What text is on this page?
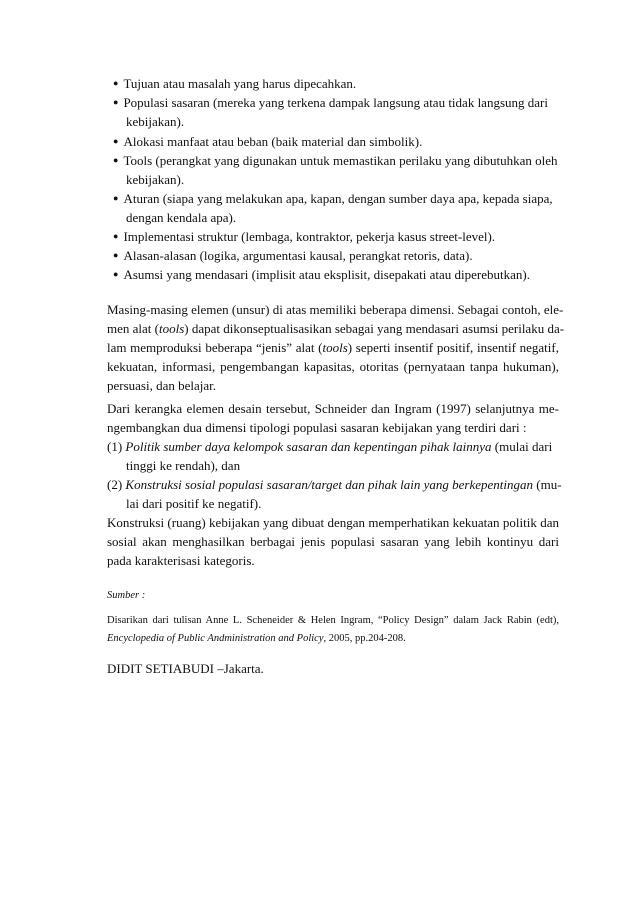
● Tujuan atau masalah yang harus dipecahkan.
● Populasi sasaran (mereka yang terkena dampak langsung atau tidak langsung dari
kebijakan).
● Alokasi manfaat atau beban (baik material dan simbolik).
● Tools (perangkat yang digunakan untuk memastikan perilaku yang dibutuhkan oleh
kebijakan).
● Aturan (siapa yang melakukan apa, kapan, dengan sumber daya apa, kepada siapa,
dengan kendala apa).
● Implementasi struktur (lembaga, kontraktor, pekerja kasus street-level).
● Alasan-alasan (logika, argumentasi kausal, perangkat retoris, data).
● Asumsi yang mendasari (implisit atau eksplisit, disepakati atau diperebutkan).
Masing-masing elemen (unsur) di atas memiliki beberapa dimensi. Sebagai contoh, ele-
men alat (tools) dapat dikonseptualisasikan sebagai yang mendasari asumsi perilaku da-
lam memproduksi beberapa “jenis” alat (tools) seperti insentif positif, insentif negatif,
kekuatan, informasi, pengembangan kapasitas, otoritas (pernyataan tanpa hukuman),
persuasi, dan belajar.
Dari kerangka elemen desain tersebut, Schneider dan Ingram (1997) selanjutnya me-
ngembangkan dua dimensi tipologi populasi sasaran kebijakan yang terdiri dari :
(1) Politik sumber daya kelompok sasaran dan kepentingan pihak lainnya (mulai dari
tinggi ke rendah), dan
(2) Konstruksi sosial populasi sasaran/target dan pihak lain yang berkepentingan (mu-
lai dari positif ke negatif).
Konstruksi (ruang) kebijakan yang dibuat dengan memperhatikan kekuatan politik dan
sosial akan menghasilkan berbagai jenis populasi sasaran yang lebih kontinyu dari
pada karakterisasi kategoris.
Sumber :
Disarikan dari tulisan Anne L. Scheneider & Helen Ingram, “Policy Design” dalam Jack Rabin (edt),
Encyclopedia of Public Andministration and Policy, 2005, pp.204-208.
DIDIT SETIABUDI –Jakarta.
